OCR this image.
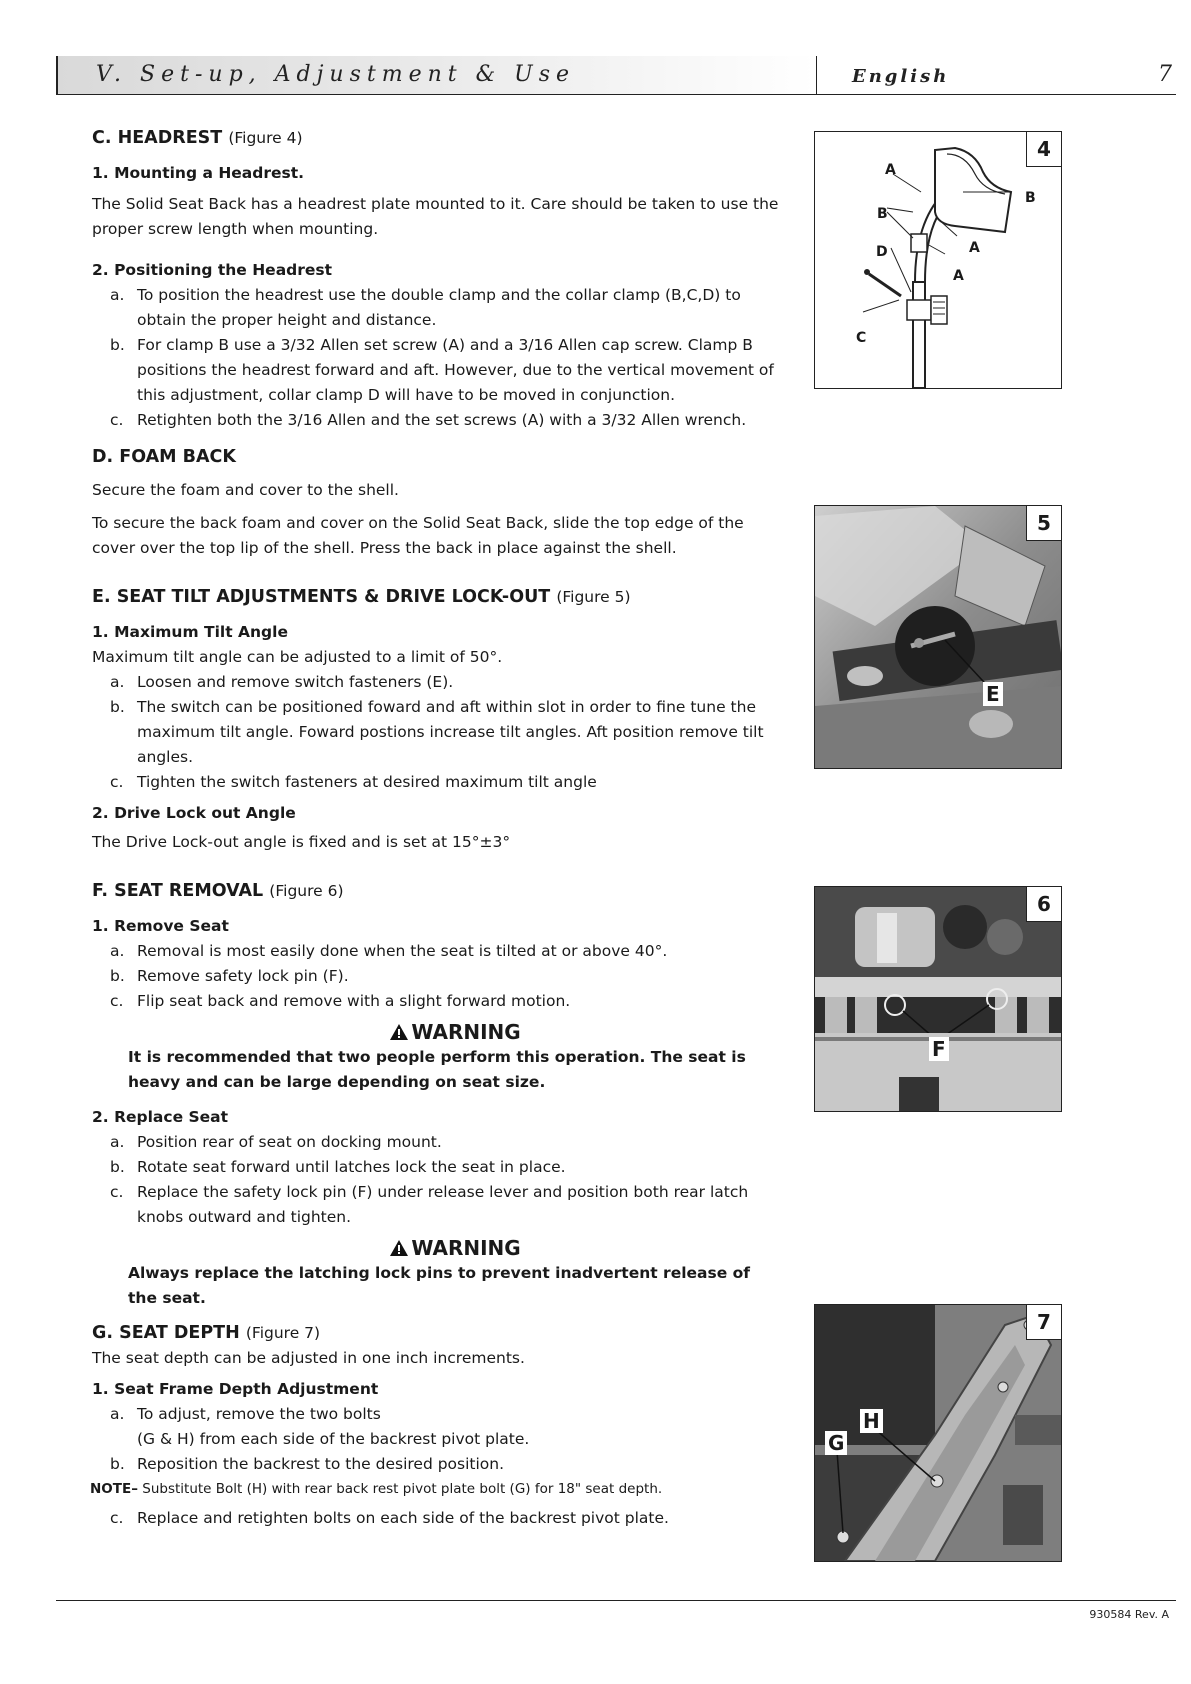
V. Set-up, Adjustment & Use	English	7
C. HEADREST (Figure 4)
1. Mounting a Headrest.

The Solid Seat Back has a headrest plate mounted to it. Care should be taken to use the proper screw length when mounting.

2. Positioning the Headrest
a. To position the headrest use the double clamp and the collar clamp (B,C,D) to obtain the proper height and distance.
b. For clamp B use a 3/32 Allen set screw (A) and a 3/16 Allen cap screw. Clamp B positions the headrest forward and aft. However, due to the vertical movement of this adjustment, collar clamp D will have to be moved in conjunction.
c. Retighten both the 3/16 Allen and the set screws (A) with a 3/32 Allen wrench.
D. FOAM BACK

Secure the foam and cover to the shell.

To secure the back foam and cover on the Solid Seat Back, slide the top edge of the cover over the top lip of the shell. Press the back in place against the shell.

E. SEAT TILT ADJUSTMENTS & DRIVE LOCK-OUT (Figure 5)
1. Maximum Tilt Angle

Maximum tilt angle can be adjusted to a limit of 50°.

a. Loosen and remove switch fasteners (E).
b. The switch can be positioned foward and aft within slot in order to fine tune the maximum tilt angle. Foward postions increase tilt angles. Aft position remove tilt angles.
c. Tighten the switch fasteners at desired maximum tilt angle
2. Drive Lock out Angle

The Drive Lock-out angle is fixed and is set at 15°±3°

F. SEAT REMOVAL (Figure 6)
1. Remove Seat
a. Removal is most easily done when the seat is tilted at or above 40°.
b. Remove safety lock pin (F).
c. Flip seat back and remove with a slight forward motion.
WARNING
It is recommended that two people perform this operation. The seat is heavy and can be large depending on seat size.
2. Replace Seat
a. Position rear of seat on docking mount.
b. Rotate seat forward until latches lock the seat in place.
c. Replace the safety lock pin (F) under release lever and position both rear latch knobs outward and tighten.
WARNING
Always replace the latching lock pins to prevent inadvertent release of the seat.
G. SEAT DEPTH (Figure 7)

The seat depth can be adjusted in one inch increments.

1. Seat Frame Depth Adjustment
a. To adjust, remove the two bolts
(G & H) from each side of the backrest pivot plate.
b. Reposition the backrest to the desired position.
NOTE– Substitute Bolt (H) with rear back rest pivot plate bolt (G) for 18" seat depth.
c. Replace and retighten bolts on each side of the backrest pivot plate.
4
A
B
B
A
D
A
C
5
E
6
F
7
H
G
930584 Rev. A
